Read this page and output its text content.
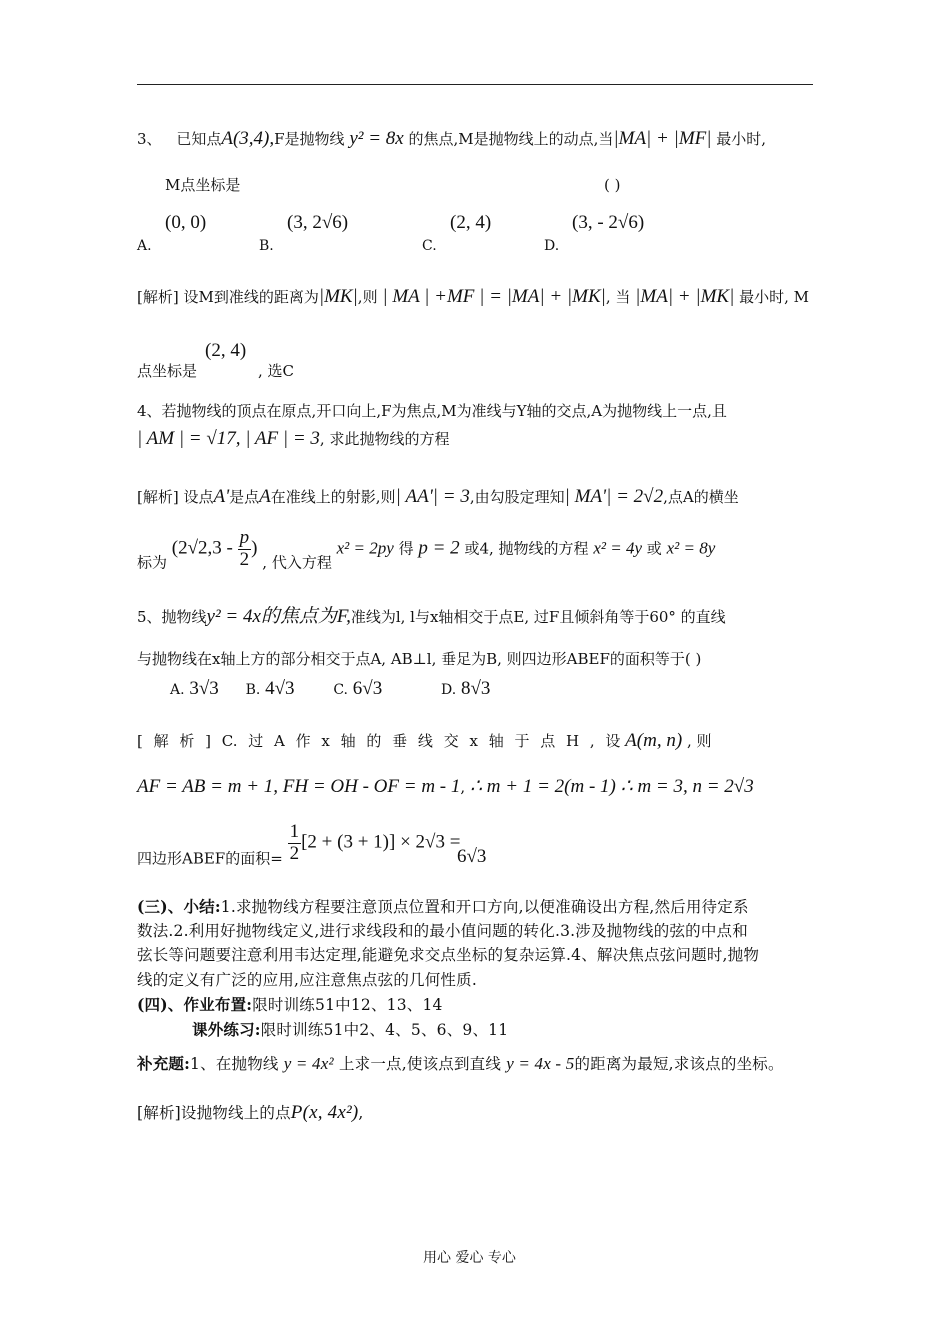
3、 已知点A(3,4),F是抛物线 y² = 8x 的焦点,M是抛物线上的动点,当|MA| + |MF| 最小时,
M点坐标是	( )
(0, 0)	(3, 2√6)	(2, 4)	(3, - 2√6)
A.	B.	C.	D.
[解析] 设M到准线的距离为|MK|,则 | MA | +MF | = |MA| + |MK|, 当 |MA| + |MK| 最小时, M
(2, 4)
点坐标是	, 选C
4、若抛物线的顶点在原点,开口向上,F为焦点,M为准线与Y轴的交点,A为抛物线上一点,且
| AM | = √17, | AF | = 3, 求此抛物线的方程
[解析] 设点A'是点A在准线上的射影,则| AA'| = 3,由勾股定理知| MA'| = 2√2,点A的横坐
标为 ($2√2,3 - \frac{p}{2}$ ) , 代入方程 x² = 2py 得 p = 2 或4, 抛物线的方程 x² = 4y 或 x² = 8y
5、抛物线y² = 4x的焦点为F,准线为l, l与x轴相交于点E, 过F且倾斜角等于60° 的直线
与抛物线在x轴上方的部分相交于点A, AB⊥l, 垂足为B, 则四边形ABEF的面积等于( )
A. 3√3 B. 4√3	C. 6√3	D. 8√3
[ 解 析 ] C. 过 A 作 x 轴 的 垂 线 交 x 轴 于 点 H , 设 A(m, n) , 则
AF = AB = m + 1, FH = OH - OF = m - 1, ∴ m + 1 = 2(m - 1) ∴ m = 3, n = 2√3
四边形ABEF的面积= $\frac{1}{2} [2 + (3 + 1)] \times 2√3$ =
6√3
(三)、小结:1.求抛物线方程要注意顶点位置和开口方向,以便准确设出方程,然后用待定系
数法.2.利用好抛物线定义,进行求线段和的最小值问题的转化.3.涉及抛物线的弦的中点和
弦长等问题要注意利用韦达定理,能避免求交点坐标的复杂运算.4、解决焦点弦问题时,抛物
线的定义有广泛的应用,应注意焦点弦的几何性质.
(四)、作业布置:限时训练51中12、13、14
课外练习:限时训练51中2、4、5、6、9、11
补充题:1、在抛物线 y = 4x² 上求一点,使该点到直线 y = 4x - 5的距离为最短,求该点的坐标。
[解析]设抛物线上的点P(x, 4x²),
用心 爱心 专心
